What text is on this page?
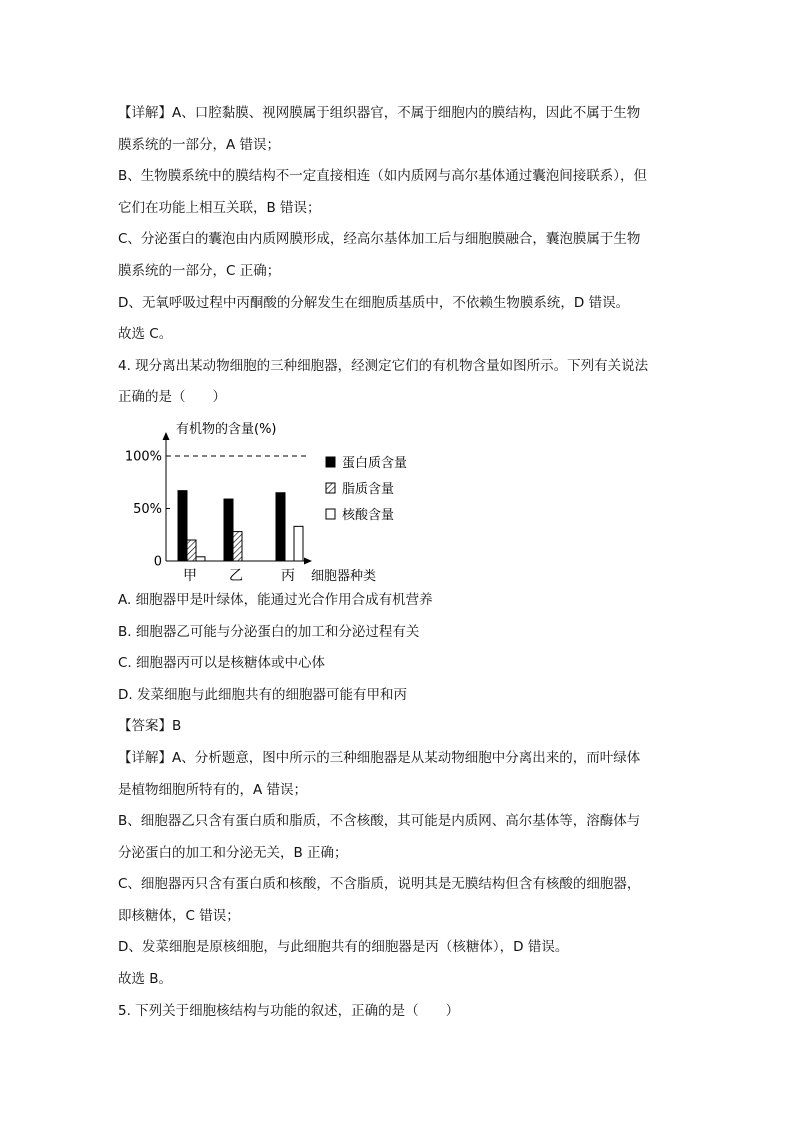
【详解】A、口腔黏膜、视网膜属于组织器官，不属于细胞内的膜结构，因此不属于生物
膜系统的一部分，A 错误；
B、生物膜系统中的膜结构不一定直接相连（如内质网与高尔基体通过囊泡间接联系），但
它们在功能上相互关联，B 错误；
C、分泌蛋白的囊泡由内质网膜形成，经高尔基体加工后与细胞膜融合，囊泡膜属于生物
膜系统的一部分，C 正确；
D、无氧呼吸过程中丙酮酸的分解发生在细胞质基质中，不依赖生物膜系统，D 错误。
故选 C。
4. 现分离出某动物细胞的三种细胞器，经测定它们的有机物含量如图所示。下列有关说法
正确的是（　　）
100%
50%
0
有机物的含量(%)
细胞器种类
甲 乙	丙
蛋白质含量
脂质含量
核酸含量
A. 细胞器甲是叶绿体，能通过光合作用合成有机营养
B. 细胞器乙可能与分泌蛋白的加工和分泌过程有关
C. 细胞器丙可以是核糖体或中心体
D. 发菜细胞与此细胞共有的细胞器可能有甲和丙
【答案】B
【详解】A、分析题意，图中所示的三种细胞器是从某动物细胞中分离出来的，而叶绿体
是植物细胞所特有的，A 错误；
B、细胞器乙只含有蛋白质和脂质，不含核酸，其可能是内质网、高尔基体等，溶酶体与
分泌蛋白的加工和分泌无关，B 正确；
C、细胞器丙只含有蛋白质和核酸，不含脂质，说明其是无膜结构但含有核酸的细胞器，
即核糖体，C 错误；
D、发菜细胞是原核细胞，与此细胞共有的细胞器是丙（核糖体），D 错误。
故选 B。
5. 下列关于细胞核结构与功能的叙述，正确的是（　　）
